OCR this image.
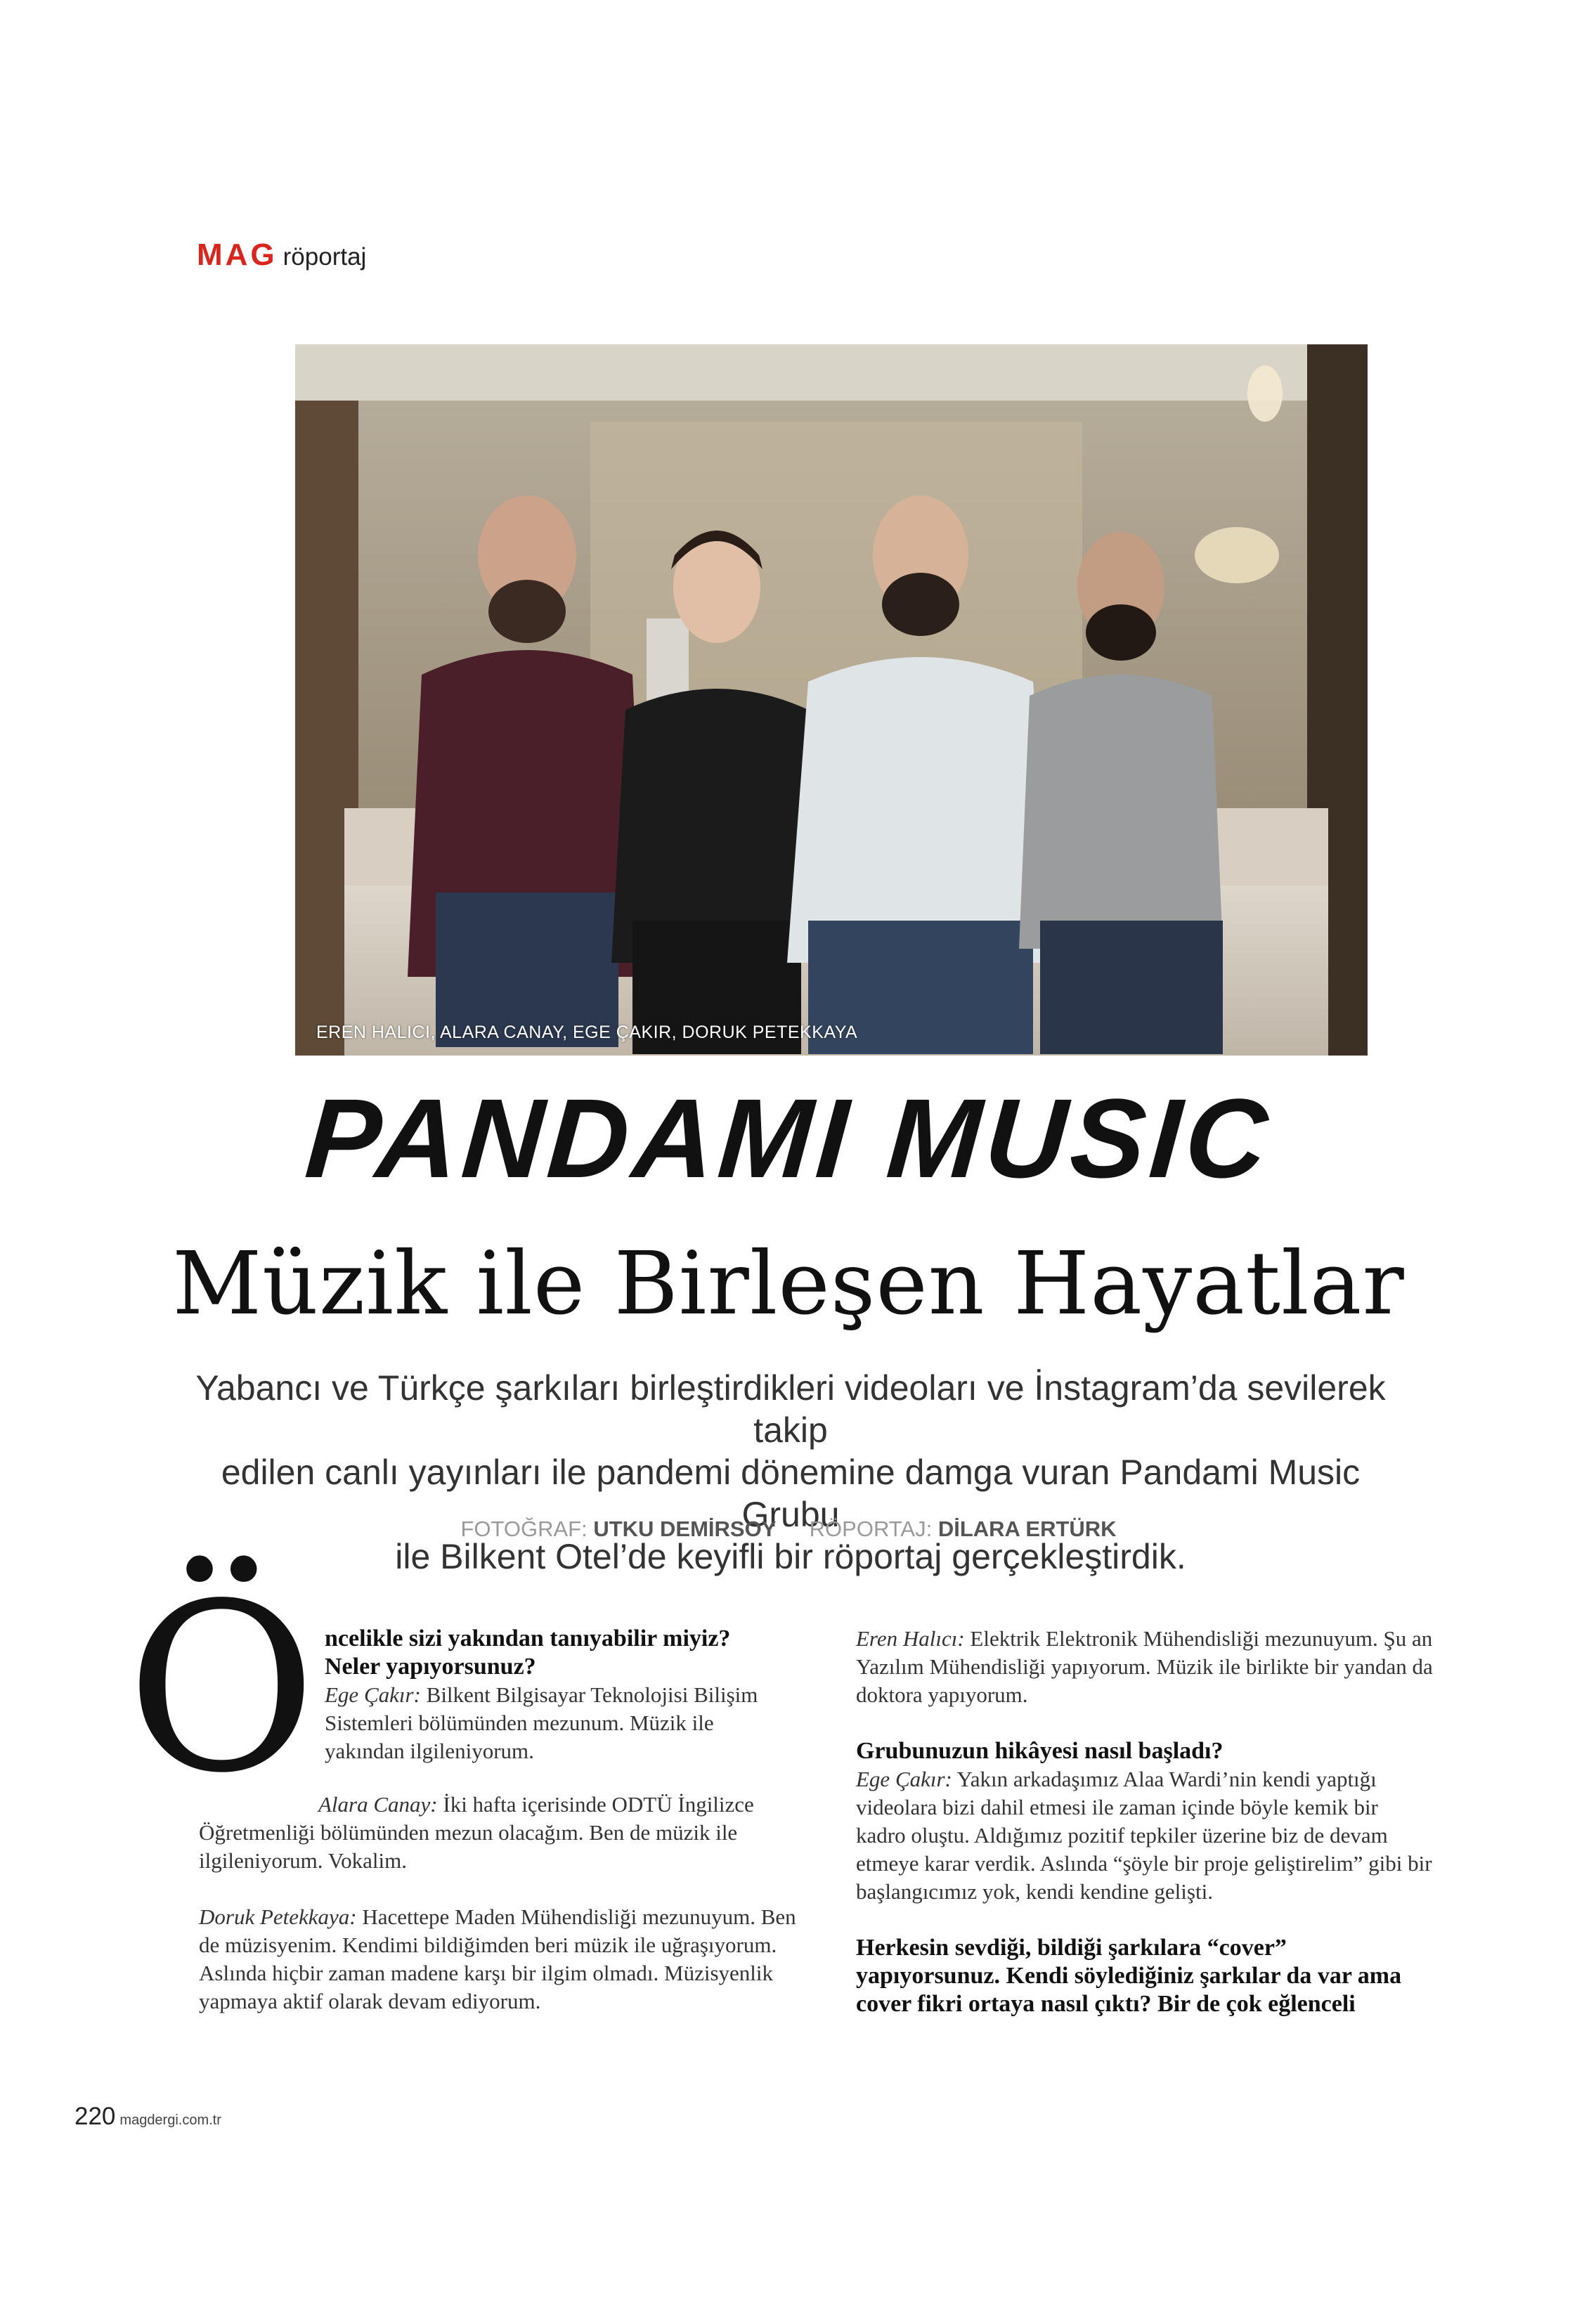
MAG röportaj
EREN HALICI, ALARA CANAY, EGE ÇAKIR, DORUK PETEKKAYA
PANDAMI MUSIC
Müzik ile Birleşen Hayatlar
Yabancı ve Türkçe şarkıları birleştirdikleri videoları ve İnstagram’da sevilerek takip
edilen canlı yayınları ile pandemi dönemine damga vuran Pandami Music Grubu
ile Bilkent Otel’de keyifli bir röportaj gerçekleştirdik.
FOTOĞRAF: UTKU DEMİRSOY RÖPORTAJ: DİLARA ERTÜRK
Ö ncelikle sizi yakından tanıyabilir miyiz?
Neler yapıyorsunuz?

Ege Çakır: Bilkent Bilgisayar Teknolojisi Bilişim
Sistemleri bölümünden mezunum. Müzik ile
yakından ilgileniyorum.

Alara Canay: İki hafta içerisinde ODTÜ İngilizce
Öğretmenliği bölümünden mezun olacağım. Ben de müzik ile
ilgileniyorum. Vokalim.

Doruk Petekkaya: Hacettepe Maden Mühendisliği mezunuyum. Ben
de müzisyenim. Kendimi bildiğimden beri müzik ile uğraşıyorum.
Aslında hiçbir zaman madene karşı bir ilgim olmadı. Müzisyenlik
yapmaya aktif olarak devam ediyorum.

Eren Halıcı: Elektrik Elektronik Mühendisliği mezunuyum. Şu an
Yazılım Mühendisliği yapıyorum. Müzik ile birlikte bir yandan da
doktora yapıyorum.

Grubunuzun hikâyesi nasıl başladı?

Ege Çakır: Yakın arkadaşımız Alaa Wardi’nin kendi yaptığı
videolara bizi dahil etmesi ile zaman içinde böyle kemik bir
kadro oluştu. Aldığımız pozitif tepkiler üzerine biz de devam
etmeye karar verdik. Aslında “şöyle bir proje geliştirelim” gibi bir
başlangıcımız yok, kendi kendine gelişti.

Herkesin sevdiği, bildiği şarkılara “cover”
yapıyorsunuz. Kendi söylediğiniz şarkılar da var ama
cover fikri ortaya nasıl çıktı? Bir de çok eğlenceli

220 magdergi.com.tr
